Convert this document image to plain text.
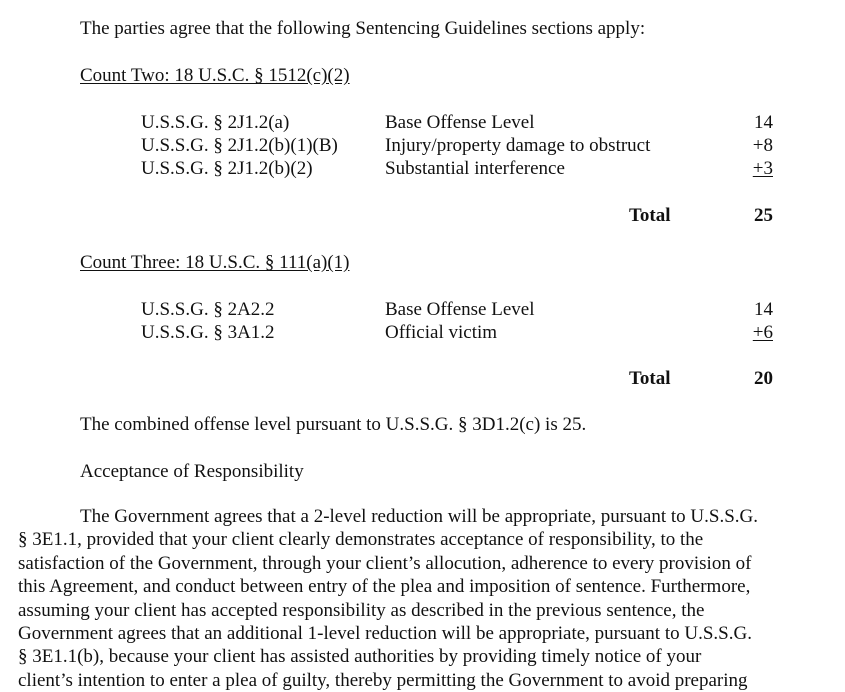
The parties agree that the following Sentencing Guidelines sections apply:
Count Two: 18 U.S.C. § 1512(c)(2)
U.S.S.G. § 2J1.2(a)	Base Offense Level	14
U.S.S.G. § 2J1.2(b)(1)(B) Injury/property damage to obstruct	+8
U.S.S.G. § 2J1.2(b)(2)	Substantial interference	+3
Total	25
Count Three: 18 U.S.C. § 111(a)(1)
U.S.S.G. § 2A2.2	Base Offense Level	14
U.S.S.G. § 3A1.2	Official victim	+6
Total	20
The combined offense level pursuant to U.S.S.G. § 3D1.2(c) is 25.
Acceptance of Responsibility

The Government agrees that a 2-level reduction will be appropriate, pursuant to U.S.S.G.

§ 3E1.1, provided that your client clearly demonstrates acceptance of responsibility, to the

satisfaction of the Government, through your client’s allocution, adherence to every provision of

this Agreement, and conduct between entry of the plea and imposition of sentence. Furthermore,

assuming your client has accepted responsibility as described in the previous sentence, the

Government agrees that an additional 1-level reduction will be appropriate, pursuant to U.S.S.G.

§ 3E1.1(b), because your client has assisted authorities by providing timely notice of your

client’s intention to enter a plea of guilty, thereby permitting the Government to avoid preparing
